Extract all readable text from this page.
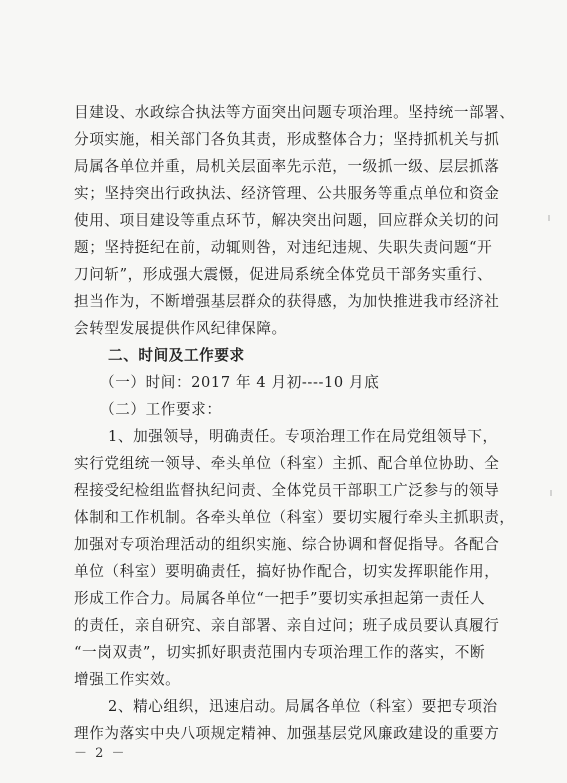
目建设、水政综合执法等方面突出问题专项治理。坚持统一部署、
分项实施，相关部门各负其责，形成整体合力；坚持抓机关与抓
局属各单位并重，局机关层面率先示范，一级抓一级、层层抓落
实；坚持突出行政执法、经济管理、公共服务等重点单位和资金
使用、项目建设等重点环节，解决突出问题，回应群众关切的问
题；坚持挺纪在前，动辄则咎，对违纪违规、失职失责问题“开
刀问斩”，形成强大震慑，促进局系统全体党员干部务实重行、
担当作为，不断增强基层群众的获得感，为加快推进我市经济社
会转型发展提供作风纪律保障。
二、时间及工作要求
（一）时间：2017 年 4 月初----10 月底
（二）工作要求：
1、加强领导，明确责任。专项治理工作在局党组领导下，
实行党组统一领导、牵头单位（科室）主抓、配合单位协助、全
程接受纪检组监督执纪问责、全体党员干部职工广泛参与的领导
体制和工作机制。各牵头单位（科室）要切实履行牵头主抓职责，
加强对专项治理活动的组织实施、综合协调和督促指导。各配合
单位（科室）要明确责任，搞好协作配合，切实发挥职能作用，
形成工作合力。局属各单位“一把手”要切实承担起第一责任人
的责任，亲自研究、亲自部署、亲自过问；班子成员要认真履行
“一岗双责”，切实抓好职责范围内专项治理工作的落实，不断
增强工作实效。
2、精心组织，迅速启动。局属各单位（科室）要把专项治
理作为落实中央八项规定精神、加强基层党风廉政建设的重要方
－ 2 －
